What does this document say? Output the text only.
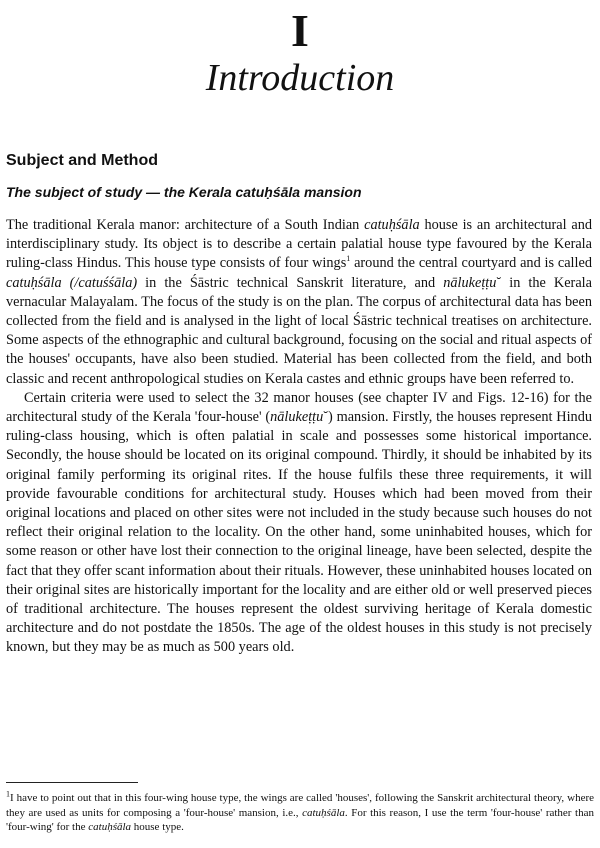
I
Introduction
Subject and Method
The subject of study — the Kerala catuḥśāla mansion

The traditional Kerala manor: architecture of a South Indian catuḥśāla house is an architectural and interdisciplinary study. Its object is to describe a certain palatial house type favoured by the Kerala ruling-class Hindus. This house type consists of four wings$^1$ around the central courtyard and is called catuḥśāla (/catuśśāla) in the Śāstric technical Sanskrit literature, and nālukeṭṭu˘ in the Kerala vernacular Malayalam. The focus of the study is on the plan. The corpus of architectural data has been collected from the field and is analysed in the light of local Śāstric technical treatises on architecture. Some aspects of the ethnographic and cultural background, focusing on the social and ritual aspects of the houses' occupants, have also been studied. Material has been collected from the field, and both classic and recent anthropological studies on Kerala castes and ethnic groups have been referred to.

Certain criteria were used to select the 32 manor houses (see chapter IV and Figs. 12-16) for the architectural study of the Kerala 'four-house' (nālukeṭṭu˘) mansion. Firstly, the houses represent Hindu ruling-class housing, which is often palatial in scale and possesses some historical importance. Secondly, the house should be located on its original compound. Thirdly, it should be inhabited by its original family performing its original rites. If the house fulfils these three requirements, it will provide favourable conditions for architectural study. Houses which had been moved from their original locations and placed on other sites were not included in the study because such houses do not reflect their original relation to the locality. On the other hand, some uninhabited houses, which for some reason or other have lost their connection to the original lineage, have been selected, despite the fact that they offer scant information about their rituals. However, these uninhabited houses located on their original sites are historically important for the locality and are either old or well preserved pieces of traditional architecture. The houses represent the oldest surviving heritage of Kerala domestic architecture and do not postdate the 1850s. The age of the oldest houses in this study is not precisely known, but they may be as much as 500 years old.

$^1$I have to point out that in this four-wing house type, the wings are called 'houses', following the Sanskrit architectural theory, where they are used as units for composing a 'four-house' mansion, i.e., catuḥśāla. For this reason, I use the term 'four-house' rather than 'four-wing' for the catuḥśāla house type.
